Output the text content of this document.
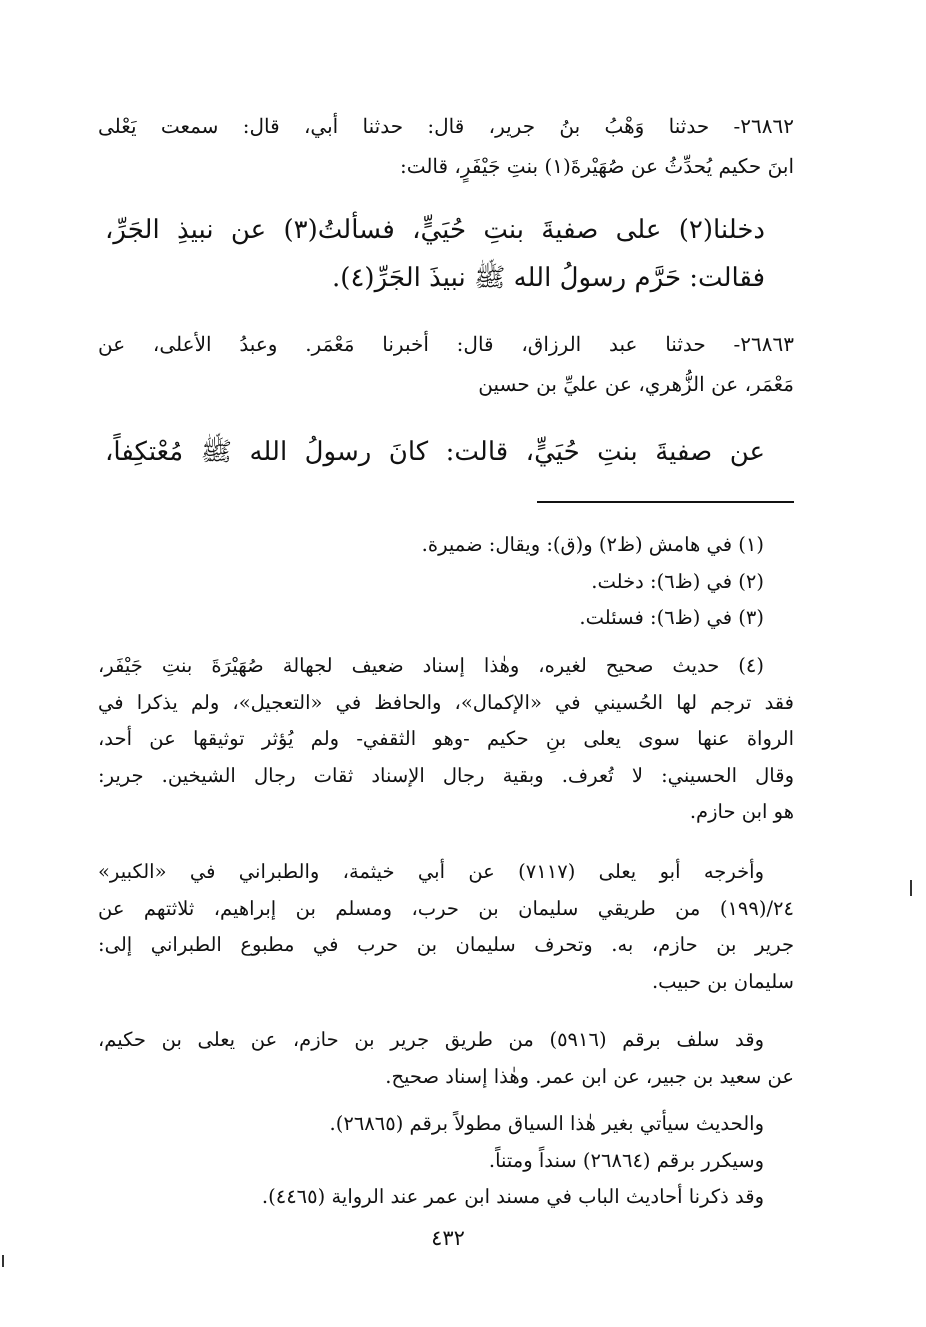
٢٦٨٦٢- حدثنا وَهْبُ بنُ جرير، قال: حدثنا أبي، قال: سمعت يَعْلى
ابنَ حكيم يُحدِّثُ عن صُهَيْرةَ(١) بنتِ جَيْفَرٍ، قالت:
دخلنا(٢) على صفيةَ بنتِ حُيَيٍّ، فسألتُ(٣) عن نبيذِ الجَرِّ،
فقالت: حَرَّم رسولُ الله ﷺ نبيذَ الجَرِّ(٤).
٢٦٨٦٣- حدثنا عبد الرزاق، قال: أخبرنا مَعْمَر. وعبدُ الأعلى، عن
مَعْمَر، عن الزُّهري، عن عليِّ بن حسين
عن صفيةَ بنتِ حُيَيٍّ، قالت: كانَ رسولُ الله ﷺ مُعْتكِفاً،
(١) في هامش (ظ٢) و(ق): ويقال: ضميرة.
(٢) في (ظ٦): دخلت.
(٣) في (ظ٦): فسئلت.
(٤) حديث صحيح لغيره، وهٰذا إسناد ضعيف لجهالة صُهَيْرَةَ بنتِ جَيْفَر،
فقد ترجم لها الحُسيني في «الإكمال»، والحافظ في «التعجيل»، ولم يذكرا في
الرواة عنها سوى يعلى بنِ حكيم -وهو الثقفي- ولم يُؤثر توثيقها عن أحد،
وقال الحسيني: لا تُعرف. وبقية رجال الإسناد ثقات رجال الشيخين. جرير:
هو ابن حازم.
وأخرجه أبو يعلى (٧١١٧) عن أبي خيثمة، والطبراني في «الكبير»
٢٤/(١٩٩) من طريقي سليمان بن حرب، ومسلم بن إبراهيم، ثلاثتهم عن
جرير بن حازم، به. وتحرف سليمان بن حرب في مطبوع الطبراني إلى:
سليمان بن حبيب.
وقد سلف برقم (٥٩١٦) من طريق جرير بن حازم، عن يعلى بن حكيم،
عن سعيد بن جبير، عن ابن عمر. وهٰذا إسناد صحيح.
والحديث سيأتي بغير هٰذا السياق مطولاً برقم (٢٦٨٦٥).
وسيكرر برقم (٢٦٨٦٤) سنداً ومتناً.
وقد ذكرنا أحاديث الباب في مسند ابن عمر عند الرواية (٤٤٦٥).
٤٣٢
